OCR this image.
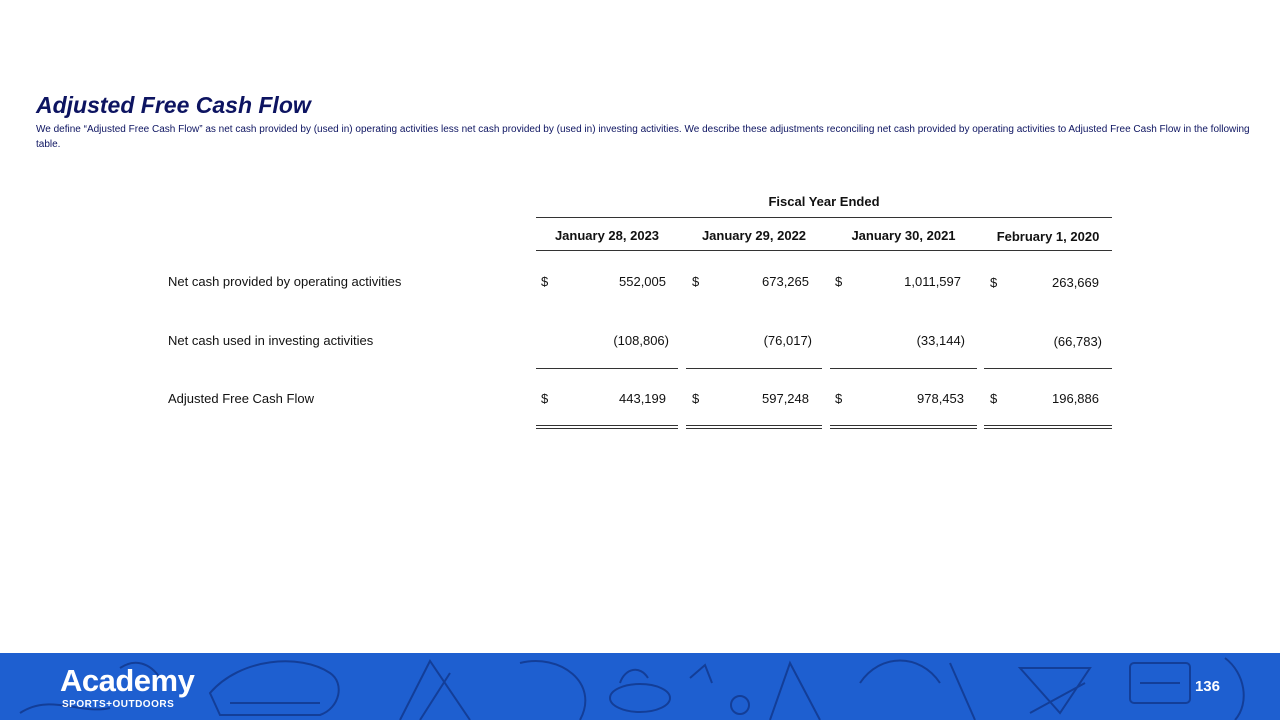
Adjusted Free Cash Flow

We define “Adjusted Free Cash Flow” as net cash provided by (used in) operating activities less net cash provided by (used in) investing activities. We describe these adjustments reconciling net cash provided by operating activities to Adjusted Free Cash Flow in the following table.

Fiscal Year Ended
January 28, 2023	January 29, 2022	January 30, 2021	February 1, 2020
Net cash provided by operating activities	$	552,005 $	673,265 $	1,011,597 $	263,669
Net cash used in investing activities	(108,806)	(76,017)	(33,144)	(66,783)
Adjusted Free Cash Flow	$	443,199 $	597,248 $	978,453 $	196,886
Academy
SPORTS+OUTDOORS
136
